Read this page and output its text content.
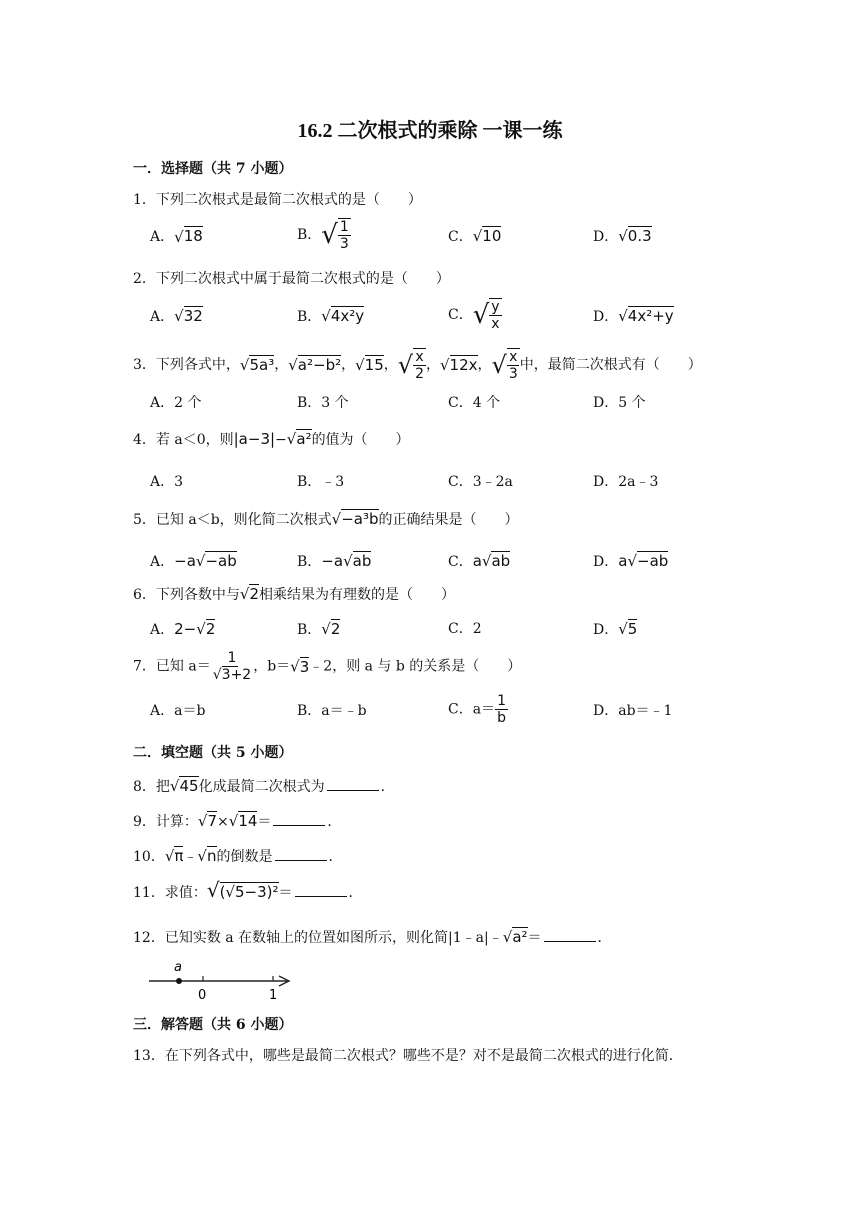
16.2 二次根式的乘除 一课一练
一．选择题（共 7 小题）
1．下列二次根式是最简二次根式的是（　　）
A．√18	B．√ $\frac{1}{3}$	C．√10	D．√0.3
2．下列二次根式中属于最简二次根式的是（　　）
A．√32	B．√4x²y	C．√ $\frac{y}{x}$	D．√4x²+y
3．下列各式中，√5a³，√a²−b²，√15，√ $\frac{x}{2}$ ，√12x，√ $\frac{x}{3}$ 中，最简二次根式有（　　）
A．2 个	B．3 个	C．4 个	D．5 个
4．若 a＜0，则|a−3|−√a²的值为（　　）
A．3	B．﹣3	C．3﹣2a	D．2a﹣3
5．已知 a＜b，则化简二次根式√−a³b的正确结果是（　　）
A．−a√−ab	B．−a√ab	C．a√ab	D．a√−ab
6．下列各数中与√2相乘结果为有理数的是（　　）
A．2−√2	B．√2	C．2	D．√5
7．已知 $a= \frac{1}{√3+2}$ ，b＝√3﹣2，则 a 与 b 的关系是（　　）
A．a＝b	B．a＝﹣b	C．$a= \frac{1}{b}$	D．ab＝﹣1
二．填空题（共 5 小题）
8．把√45化成最简二次根式为	．
9．计算：√7×√14＝	．
10．√π﹣√n的倒数是	．
11．求值：√(√5−3)²＝	．
12．已知实数 a 在数轴上的位置如图所示，则化简|1﹣a|﹣√a²＝	．
a
0	1
三．解答题（共 6 小题）
13．在下列各式中，哪些是最简二次根式？哪些不是？对不是最简二次根式的进行化简．
